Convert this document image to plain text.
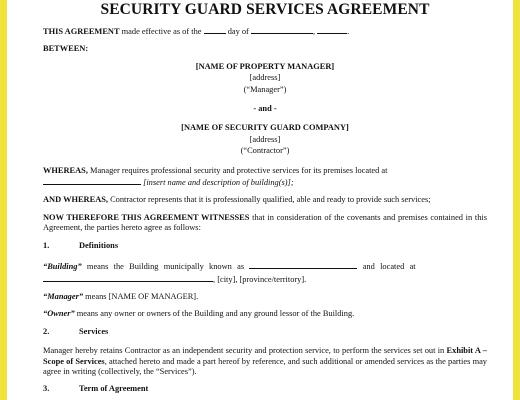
SECURITY GUARD SERVICES AGREEMENT
THIS AGREEMENT made effective as of the	day of	,	.
BETWEEN:
[NAME OF PROPERTY MANAGER]
[address]
(“Manager”)
- and -
[NAME OF SECURITY GUARD COMPANY]
[address]
(“Contractor”)
WHEREAS, Manager requires professional security and protective services for its premises located at
[insert name and description of building(s)];
AND WHEREAS, Contractor represents that it is professionally qualified, able and ready to provide such services;
NOW THEREFORE THIS AGREEMENT WITNESSES that in consideration of the covenants and premises contained in this Agreement, the parties hereto agree as follows:
1.	Definitions
“Building” means the Building municipally known as	and located at
, [city], [province/territory].
“Manager” means [NAME OF MANAGER].
“Owner” means any owner or owners of the Building and any ground lessor of the Building.
2.	Services
Manager hereby retains Contractor as an independent security and protection service, to perform the services set out in Exhibit A – Scope of Services, attached hereto and made a part hereof by reference, and such additional or amended services as the parties may agree in writing (collectively, the “Services”).
3.	Term of Agreement
